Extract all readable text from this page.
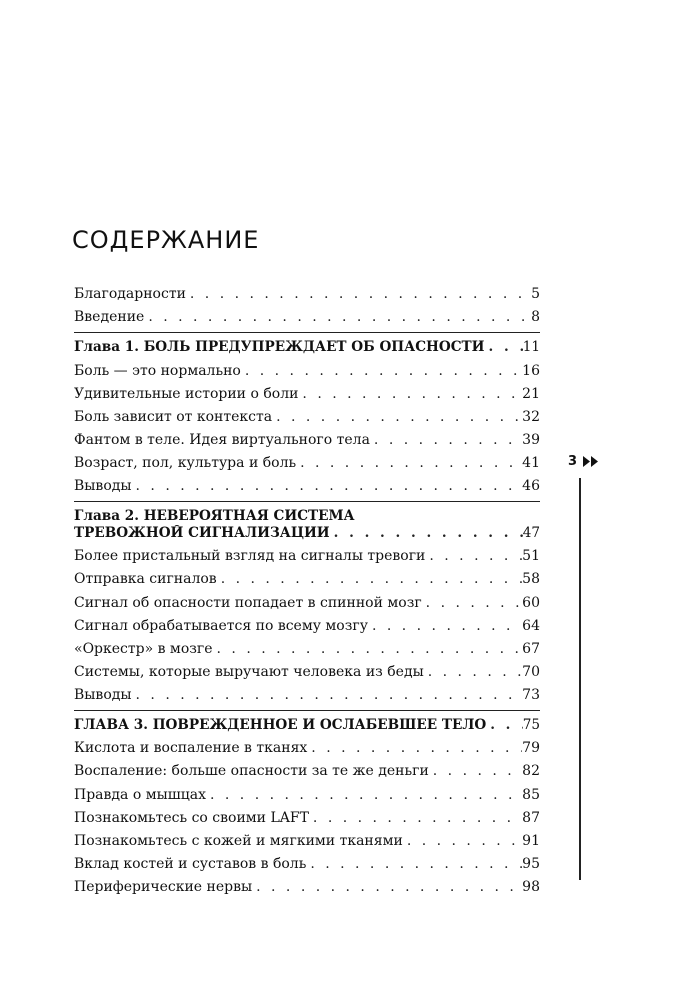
СОДЕРЖАНИЕ
Благодарности . . .	5
Введение . . .	8
Глава 1. БОЛЬ ПРЕДУПРЕЖДАЕТ ОБ ОПАСНОСТИ . . .	11
Боль — это нормально . . .	16
Удивительные истории о боли . . .	21
Боль зависит от контекста . . .	32
Фантом в теле. Идея виртуального тела . . .	39
Возраст, пол, культура и боль . . .	41
Выводы . . .	46
Глава 2. НЕВЕРОЯТНАЯ СИСТЕМА
ТРЕВОЖНОЙ СИГНАЛИЗАЦИИ . . .	47
Более пристальный взгляд на сигналы тревоги . . .	51
Отправка сигналов . . .	58
Сигнал об опасности попадает в спинной мозг . . .	60
Сигнал обрабатывается по всему мозгу . . .	64
«Оркестр» в мозге . . .	67
Системы, которые выручают человека из беды . . .	70
Выводы . . .	73
ГЛАВА 3. ПОВРЕЖДЕННОЕ И ОСЛАБЕВШЕЕ ТЕЛО . . .	75
Кислота и воспаление в тканях . . .	79
Воспаление: больше опасности за те же деньги . . .	82
Правда о мышцах . . .	85
Познакомьтесь со своими LAFT . . .	87
Познакомьтесь с кожей и мягкими тканями . . .	91
Вклад костей и суставов в боль . . .	95
Периферические нервы . . .	98
3
